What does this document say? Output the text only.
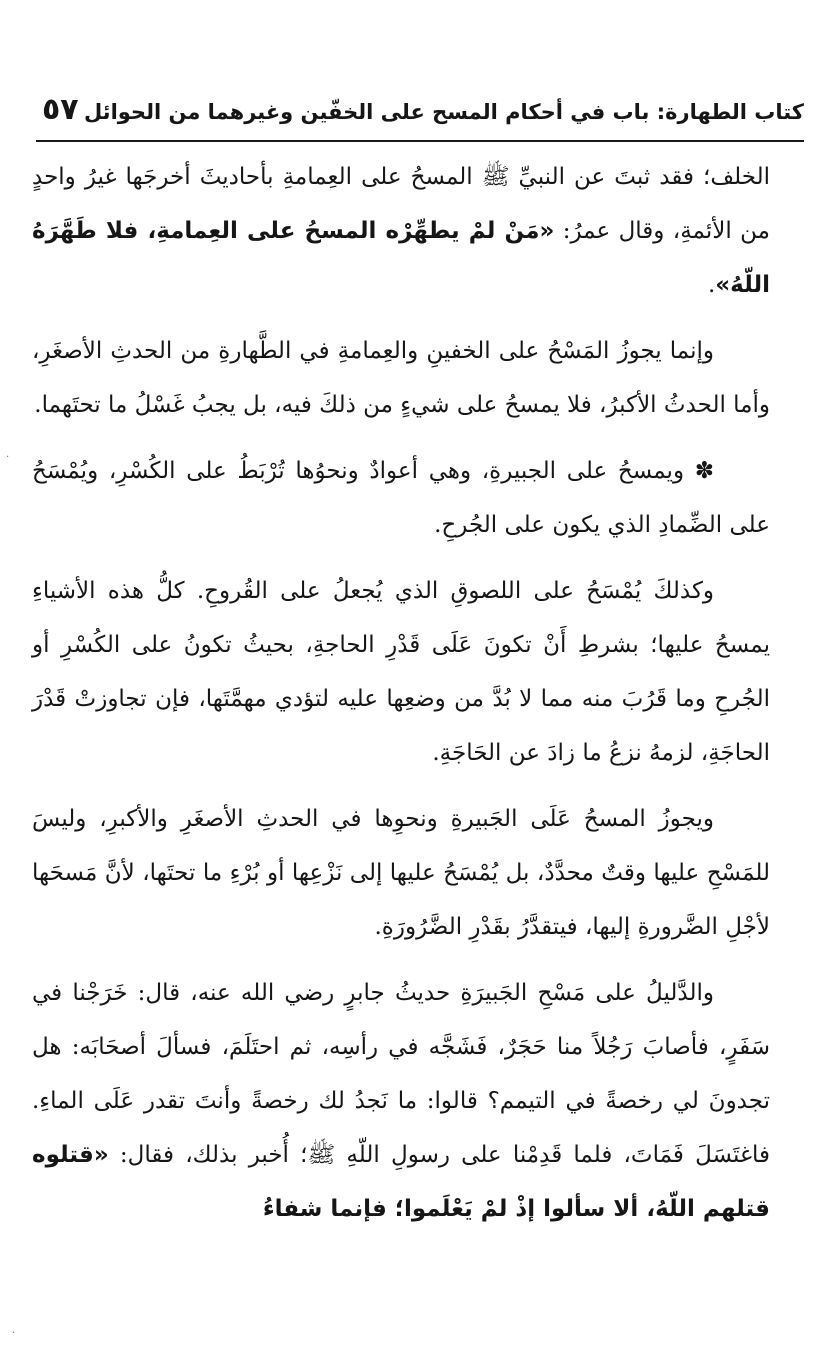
٥٧ كتاب الطهارة: باب في أحكام المسح على الخفّين وغيرهما من الحوائل

الخلف؛ فقد ثبتَ عن النبيِّ ﷺ المسحُ على العِمامةِ بأحاديثَ أخرجَها غيرُ واحدٍ من الأئمةِ، وقال عمرُ: «مَنْ لمْ يطهِّرْه المسحُ على العِمامةِ، فلا طَهَّرَهُ اللّهُ».

وإنما يجوزُ المَسْحُ على الخفينِ والعِمامةِ في الطَّهارةِ من الحدثِ الأصغَرِ، وأما الحدثُ الأكبرُ، فلا يمسحُ على شيءٍ من ذلكَ فيه، بل يجبُ غَسْلُ ما تحتَهما.

✽ ويمسحُ على الجبيرةِ، وهي أعوادٌ ونحوُها تُرْبَطُ على الكُسْرِ، ويُمْسَحُ على الضِّمادِ الذي يكون على الجُرحِ.

وكذلكَ يُمْسَحُ على اللصوقِ الذي يُجعلُ على القُروحِ. كلُّ هذه الأشياءِ يمسحُ عليها؛ بشرطِ أَنْ تكونَ عَلَى قَدْرِ الحاجةِ، بحيثُ تكونُ على الكُسْرِ أو الجُرحِ وما قَرُبَ منه مما لا بُدَّ من وضعِها عليه لتؤدي مهمَّتَها، فإن تجاوزتْ قَدْرَ الحاجَةِ، لزمهُ نزعُ ما زادَ عن الحَاجَةِ.

ويجوزُ المسحُ عَلَى الجَبيرةِ ونحوِها في الحدثِ الأصغَرِ والأكبرِ، وليسَ للمَسْحِ عليها وقتٌ محدَّدٌ، بل يُمْسَحُ عليها إلى نَزْعِها أو بُرْءِ ما تحتَها، لأنَّ مَسحَها لأجْلِ الضَّرورةِ إليها، فيتقدَّرُ بقَدْرِ الضَّرُورَةِ.

والدَّليلُ على مَسْحِ الجَبيرَةِ حديثُ جابرٍ رضي الله عنه، قال: خَرَجْنا في سَفَرٍ، فأصابَ رَجُلاً منا حَجَرٌ، فَشَجَّه في رأسِه، ثم احتَلَمَ، فسألَ أصحَابَه: هل تجدونَ لي رخصةً في التيمم؟ قالوا: ما نَجدُ لك رخصةً وأنتَ تقدر عَلَى الماءِ. فاغتَسَلَ فَمَاتَ، فلما قَدِمْنا على رسولِ اللّهِ ﷺ؛ أُخبر بذلك، فقال: «قتلوه قتلهم اللّهُ، ألا سألوا إذْ لمْ يَعْلَموا؛ فإنما شفاءُ

·
·
